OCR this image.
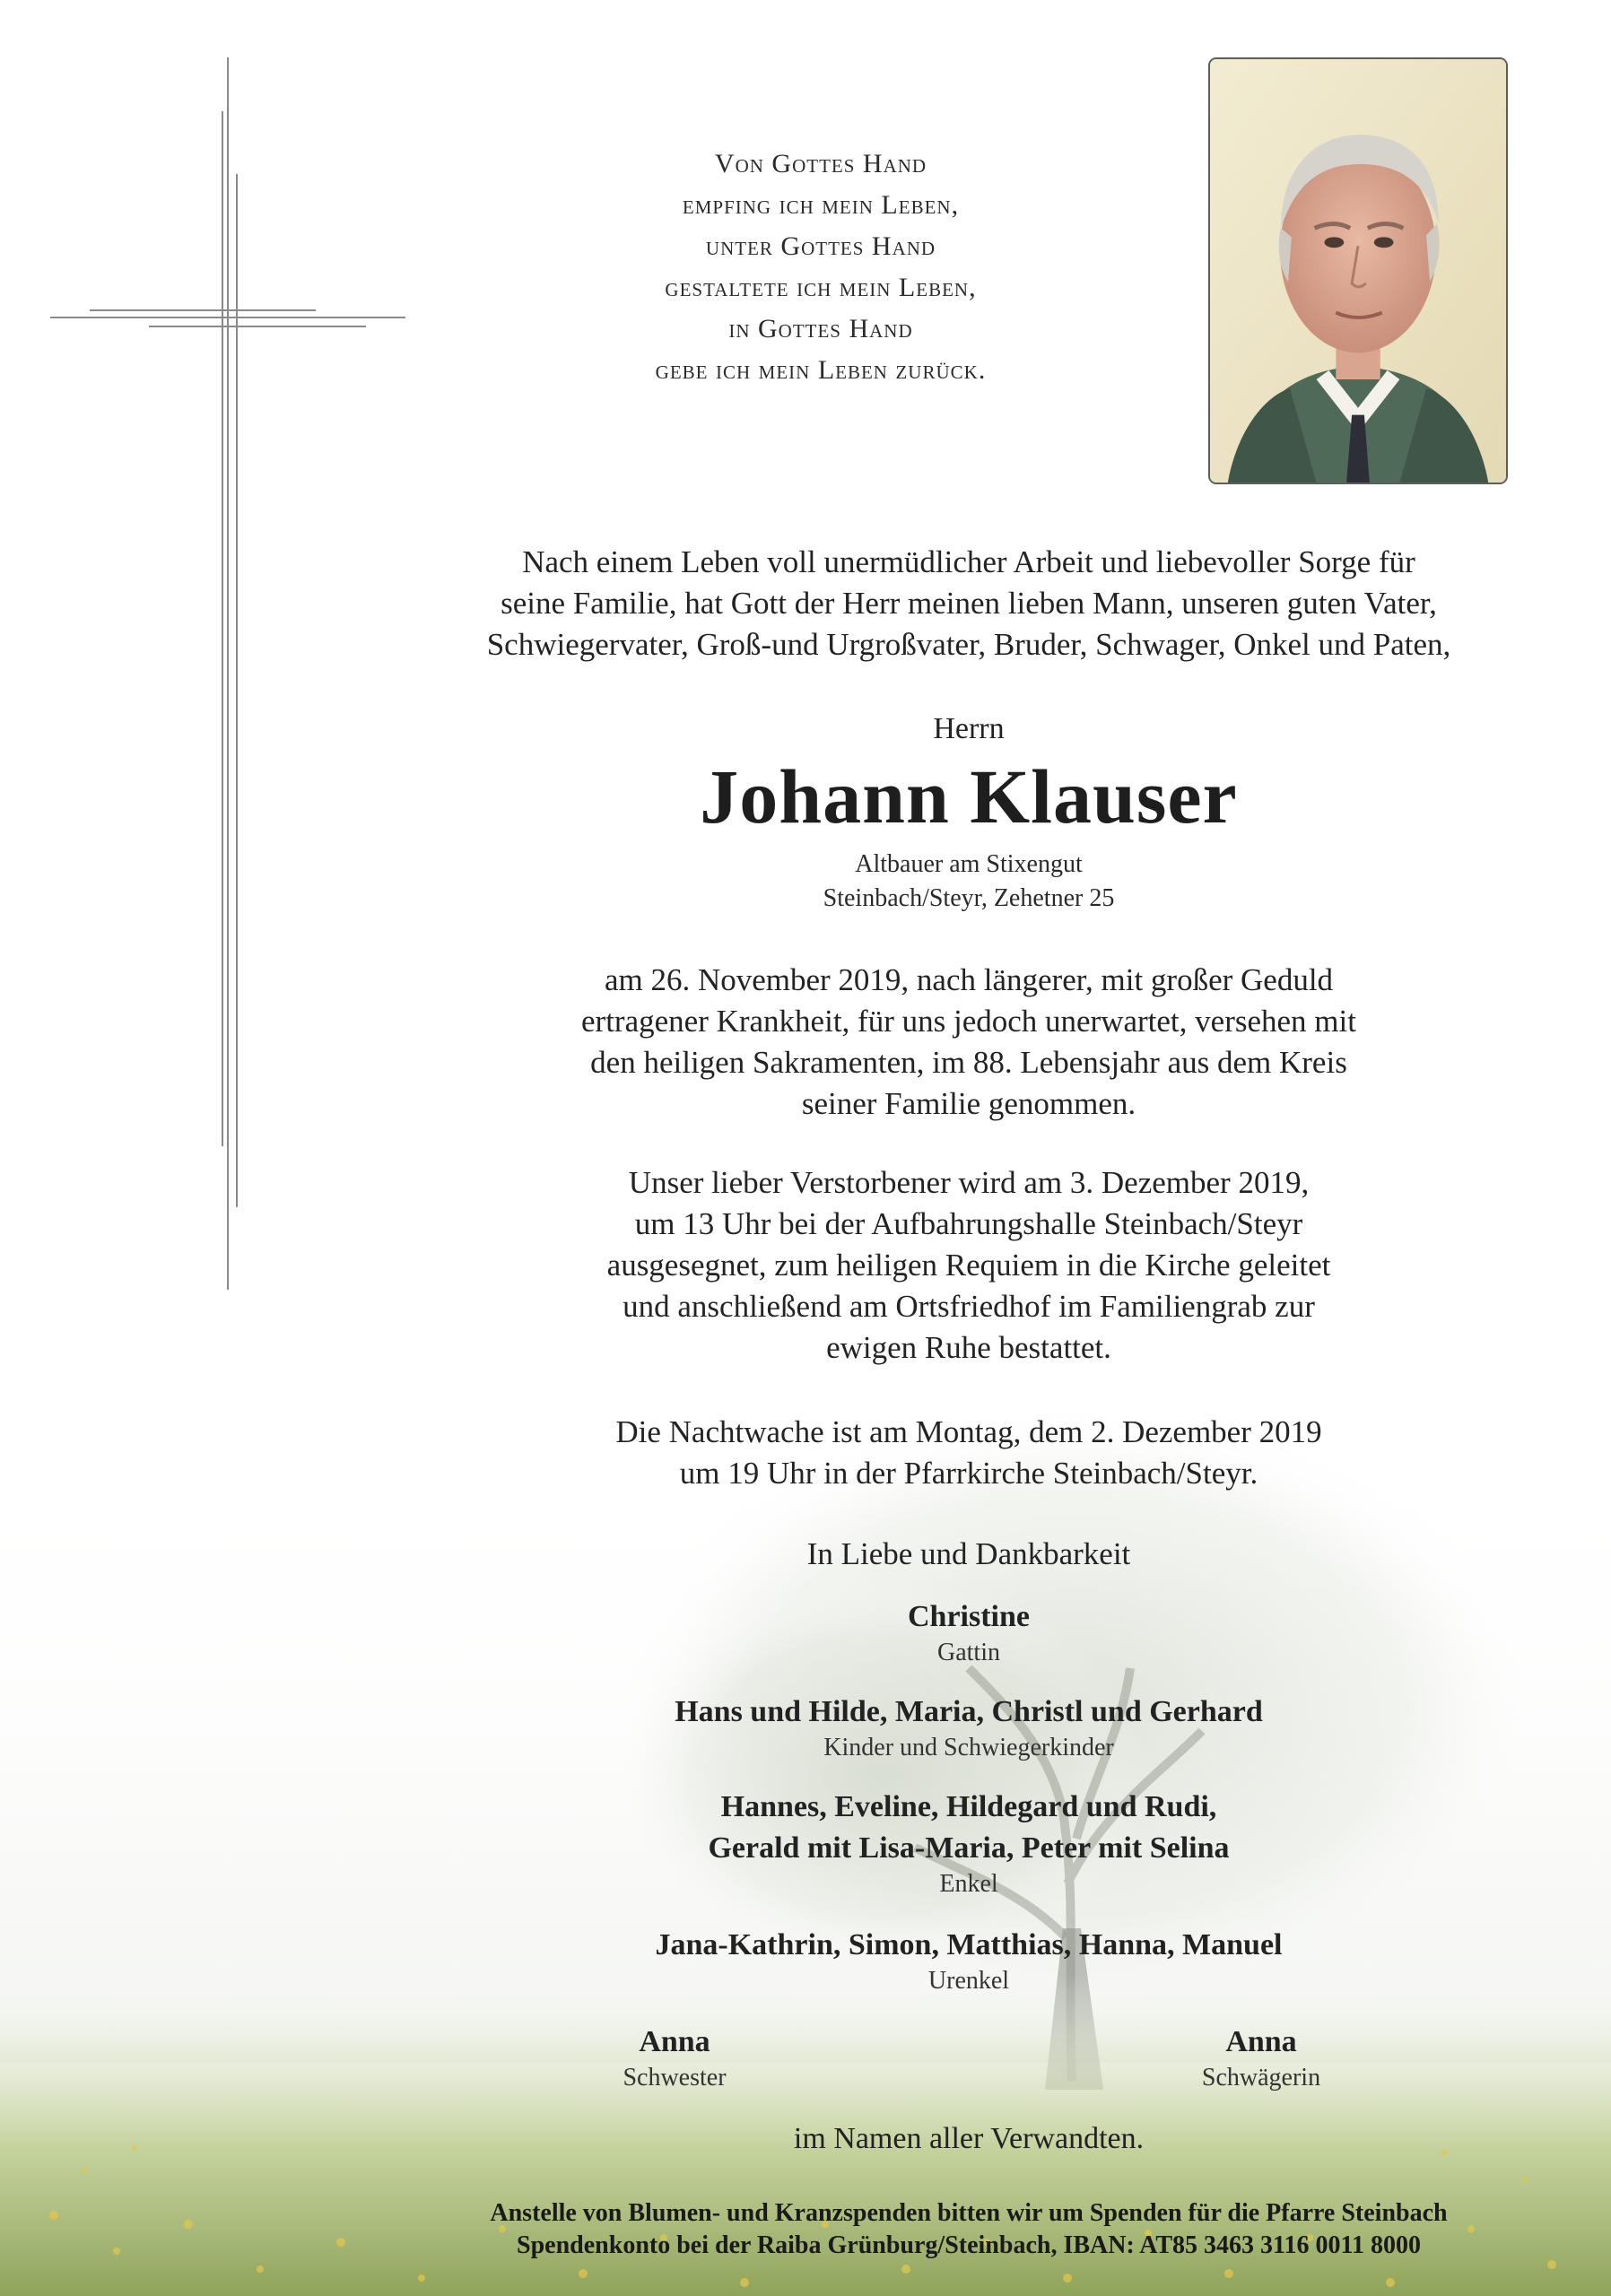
Von Gottes Hand
empfing ich mein Leben,
unter Gottes Hand
gestaltete ich mein Leben,
in Gottes Hand
gebe ich mein Leben zurück.
Nach einem Leben voll unermüdlicher Arbeit und liebevoller Sorge für
seine Familie, hat Gott der Herr meinen lieben Mann, unseren guten Vater,
Schwiegervater, Groß-und Urgroßvater, Bruder, Schwager, Onkel und Paten,
Herrn
Johann Klauser
Altbauer am Stixengut
Steinbach/Steyr, Zehetner 25
am 26. November 2019, nach längerer, mit großer Geduld
ertragener Krankheit, für uns jedoch unerwartet, versehen mit
den heiligen Sakramenten, im 88. Lebensjahr aus dem Kreis
seiner Familie genommen.
Unser lieber Verstorbener wird am 3. Dezember 2019,
um 13 Uhr bei der Aufbahrungshalle Steinbach/Steyr
ausgesegnet, zum heiligen Requiem in die Kirche geleitet
und anschließend am Ortsfriedhof im Familiengrab zur
ewigen Ruhe bestattet.
Die Nachtwache ist am Montag, dem 2. Dezember 2019
um 19 Uhr in der Pfarrkirche Steinbach/Steyr.
In Liebe und Dankbarkeit
Christine
Gattin
Hans und Hilde, Maria, Christl und Gerhard
Kinder und Schwiegerkinder
Hannes, Eveline, Hildegard und Rudi,
Gerald mit Lisa-Maria, Peter mit Selina
Enkel
Jana-Kathrin, Simon, Matthias, Hanna, Manuel
Urenkel
Anna
Schwester
Anna
Schwägerin
im Namen aller Verwandten.
Anstelle von Blumen- und Kranzspenden bitten wir um Spenden für die Pfarre Steinbach
Spendenkonto bei der Raiba Grünburg/Steinbach, IBAN: AT85 3463 3116 0011 8000
